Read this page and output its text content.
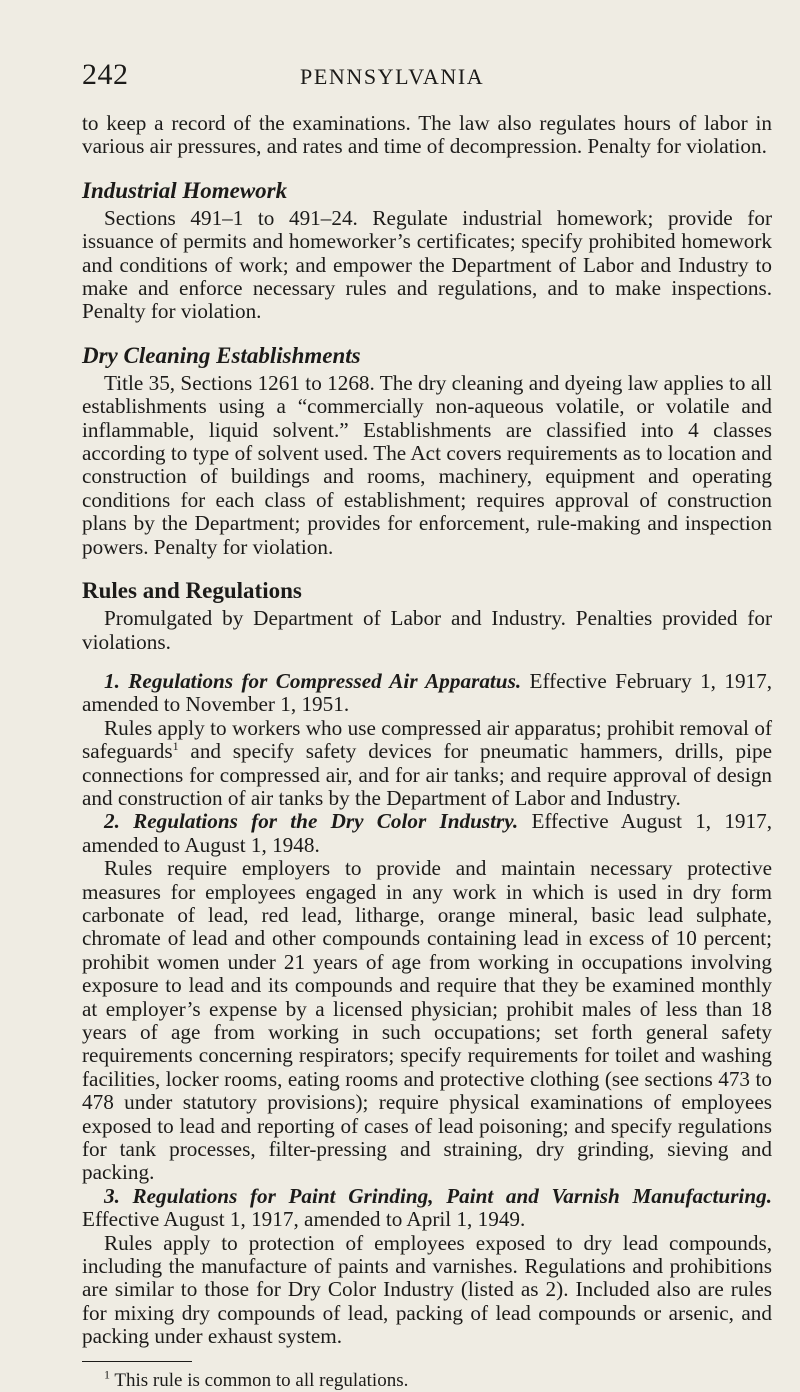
242	PENNSYLVANIA

to keep a record of the examinations. The law also regulates hours of labor in various air pressures, and rates and time of decompression. Penalty for violation.

Industrial Homework

Sections 491–1 to 491–24. Regulate industrial homework; provide for issuance of permits and homeworker’s certificates; specify prohibited homework and conditions of work; and empower the Department of Labor and Industry to make and enforce necessary rules and regulations, and to make inspections. Penalty for violation.

Dry Cleaning Establishments

Title 35, Sections 1261 to 1268. The dry cleaning and dyeing law applies to all establishments using a “commercially non-aqueous volatile, or volatile and inflammable, liquid solvent.” Establishments are classified into 4 classes according to type of solvent used. The Act covers requirements as to location and construction of buildings and rooms, machinery, equipment and operating conditions for each class of establishment; requires approval of construction plans by the Department; provides for enforcement, rule-making and inspection powers. Penalty for violation.

Rules and Regulations

Promulgated by Department of Labor and Industry. Penalties provided for violations.

1. Regulations for Compressed Air Apparatus. Effective February 1, 1917, amended to November 1, 1951.

Rules apply to workers who use compressed air apparatus; prohibit removal of safeguards$^1$ and specify safety devices for pneumatic hammers, drills, pipe connections for compressed air, and for air tanks; and require approval of design and construction of air tanks by the Department of Labor and Industry.

2. Regulations for the Dry Color Industry. Effective August 1, 1917, amended to August 1, 1948.

Rules require employers to provide and maintain necessary protective measures for employees engaged in any work in which is used in dry form carbonate of lead, red lead, litharge, orange mineral, basic lead sulphate, chromate of lead and other compounds containing lead in excess of 10 percent; prohibit women under 21 years of age from working in occupations involving exposure to lead and its compounds and require that they be examined monthly at employer’s expense by a licensed physician; prohibit males of less than 18 years of age from working in such occupations; set forth general safety requirements concerning respirators; specify requirements for toilet and washing facilities, locker rooms, eating rooms and protective clothing (see sections 473 to 478 under statutory provisions); require physical examinations of employees exposed to lead and reporting of cases of lead poisoning; and specify regulations for tank processes, filter-pressing and straining, dry grinding, sieving and packing.

3. Regulations for Paint Grinding, Paint and Varnish Manufacturing. Effective August 1, 1917, amended to April 1, 1949.

Rules apply to protection of employees exposed to dry lead compounds, including the manufacture of paints and varnishes. Regulations and prohibitions are similar to those for Dry Color Industry (listed as 2). Included also are rules for mixing dry compounds of lead, packing of lead compounds or arsenic, and packing under exhaust system.

$^1$ This rule is common to all regulations.
